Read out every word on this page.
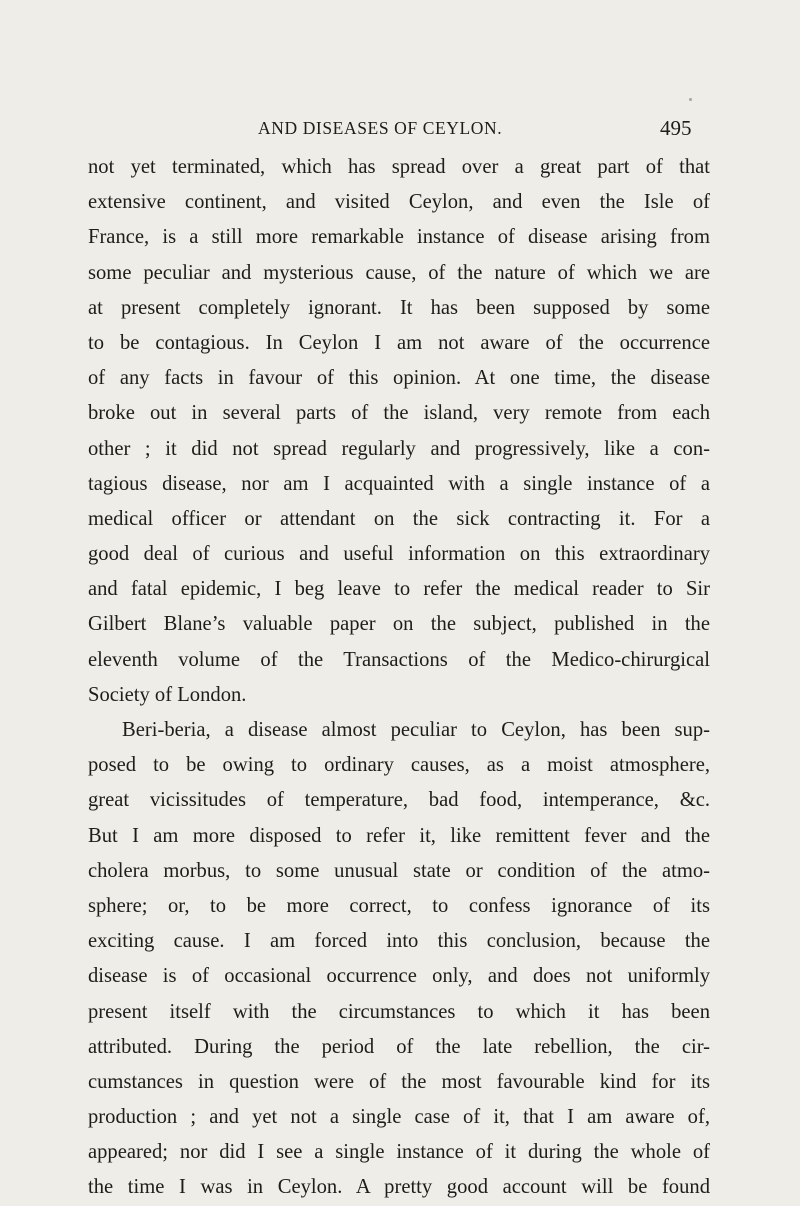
AND DISEASES OF CEYLON.	495
not yet terminated, which has spread over a great part of that
extensive continent, and visited Ceylon, and even the Isle of
France, is a still more remarkable instance of disease arising from
some peculiar and mysterious cause, of the nature of which we are
at present completely ignorant. It has been supposed by some
to be contagious. In Ceylon I am not aware of the occurrence
of any facts in favour of this opinion. At one time, the disease
broke out in several parts of the island, very remote from each
other ; it did not spread regularly and progressively, like a con-
tagious disease, nor am I acquainted with a single instance of a
medical officer or attendant on the sick contracting it. For a
good deal of curious and useful information on this extraordinary
and fatal epidemic, I beg leave to refer the medical reader to Sir
Gilbert Blane’s valuable paper on the subject, published in the
eleventh volume of the Transactions of the Medico-chirurgical
Society of London.
Beri-beria, a disease almost peculiar to Ceylon, has been sup-
posed to be owing to ordinary causes, as a moist atmosphere,
great vicissitudes of temperature, bad food, intemperance, &c.
But I am more disposed to refer it, like remittent fever and the
cholera morbus, to some unusual state or condition of the atmo-
sphere; or, to be more correct, to confess ignorance of its
exciting cause. I am forced into this conclusion, because the
disease is of occasional occurrence only, and does not uniformly
present itself with the circumstances to which it has been
attributed. During the period of the late rebellion, the cir-
cumstances in question were of the most favourable kind for its
production ; and yet not a single case of it, that I am aware of,
appeared; nor did I see a single instance of it during the whole of
the time I was in Ceylon. A pretty good account will be found
